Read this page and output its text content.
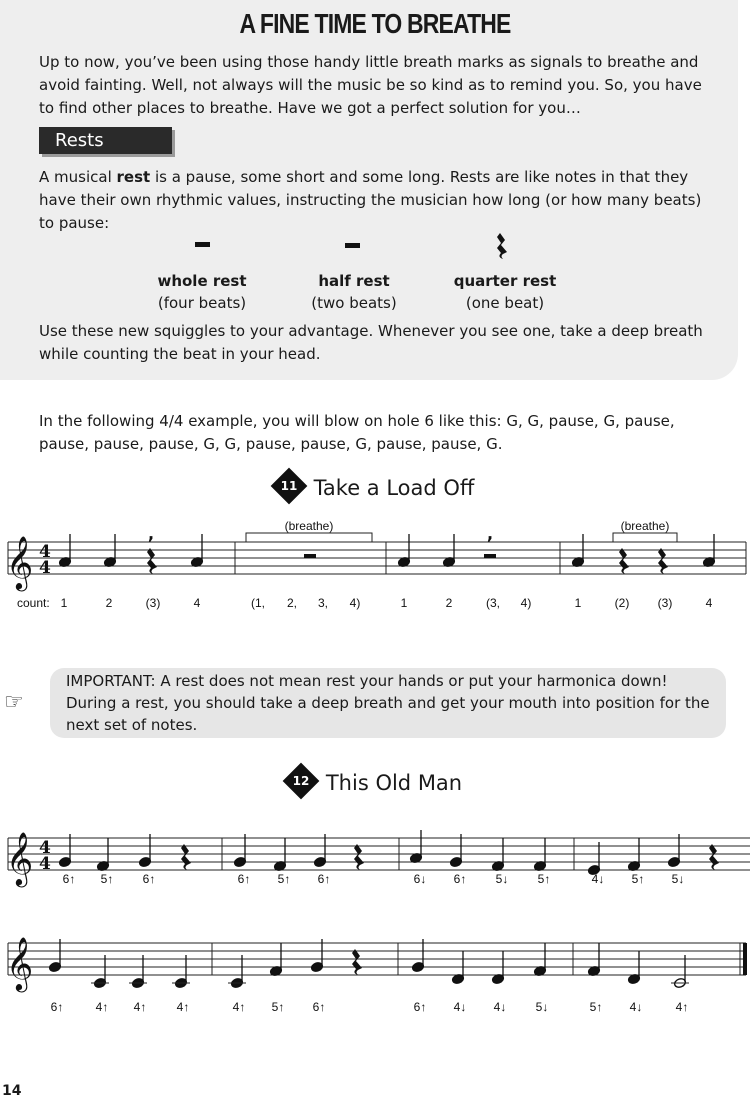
A FINE TIME TO BREATHE

Up to now, you’ve been using those handy little breath marks as signals to breathe and avoid fainting. Well, not always will the music be so kind as to remind you. So, you have to find other places to breathe. Have we got a perfect solution for you…

Rests

A musical rest is a pause, some short and some long. Rests are like notes in that they have their own rhythmic values, instructing the musician how long (or how many beats) to pause:

whole rest
(four beats)
half rest
(two beats)
quarter rest
(one beat)

Use these new squiggles to your advantage. Whenever you see one, take a deep breath while counting the beat in your head.

In the following 4/4 example, you will blow on hole 6 like this: G, G, pause, G, pause, pause, pause, pause, G, G, pause, pause, G, pause, pause, G.

11 Take a Load Off
𝄞 4
4
(breathe)	(breathe)
,	,
count: 1	2	(3)	4	(1, 2, 3, 4)	1	2	(3, 4)	1	(2) (3)	4
☞

IMPORTANT: A rest does not mean rest your hands or put your harmonica down! During a rest, you should take a deep breath and get your mouth into position for the next set of notes.

12 This Old Man
𝄞 4
4
6↑ 5↑ 6↑	6↑ 5↑ 6↑	6↓ 6↑ 5↓ 5↑	4↓ 5↑ 5↓
𝄞
6↑	4↑ 4↑	4↑	4↑ 5↑ 6↑	6↑ 4↓ 4↓ 5↓	5↑ 4↓	4↑
14
